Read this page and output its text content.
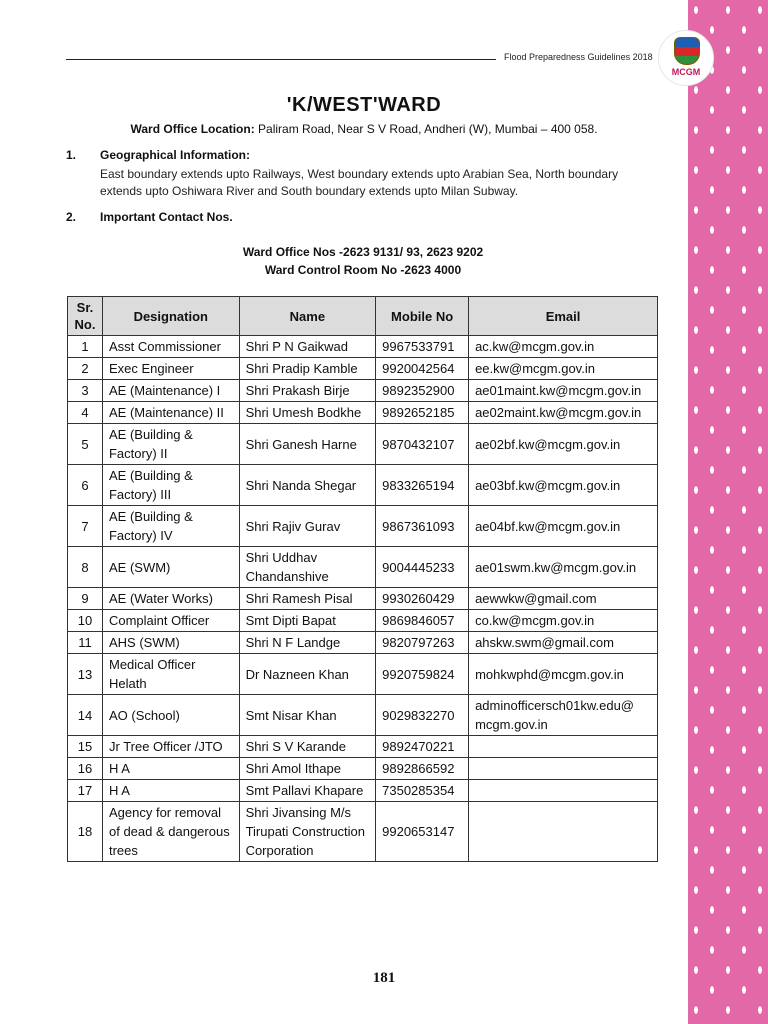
MCGM
Flood Preparedness Guidelines 2018
'K/WEST'WARD
Ward Office Location: Paliram Road, Near S V Road, Andheri (W), Mumbai – 400 058.
1. Geographical Information:
East boundary extends upto Railways, West boundary extends upto Arabian Sea, North boundary extends upto Oshiwara River and South boundary extends upto Milan Subway.
2. Important Contact Nos.
Ward Office Nos -2623 9131/ 93, 2623 9202
Ward Control Room No -2623 4000
Sr. No.	Designation	Name	Mobile No	Email
1	Asst Commissioner	Shri P N Gaikwad	9967533791	ac.kw@mcgm.gov.in
2	Exec Engineer	Shri Pradip Kamble	9920042564	ee.kw@mcgm.gov.in
3	AE (Maintenance) I	Shri Prakash Birje	9892352900	ae01maint.kw@mcgm.gov.in
4	AE (Maintenance) II	Shri Umesh Bodkhe	9892652185	ae02maint.kw@mcgm.gov.in
5	AE (Building & Factory) II	Shri Ganesh Harne	9870432107	ae02bf.kw@mcgm.gov.in
6	AE (Building & Factory) III	Shri Nanda Shegar	9833265194	ae03bf.kw@mcgm.gov.in
7	AE (Building & Factory) IV	Shri Rajiv Gurav	9867361093	ae04bf.kw@mcgm.gov.in
8	AE (SWM)	Shri Uddhav Chandanshive	9004445233	ae01swm.kw@mcgm.gov.in
9	AE (Water Works)	Shri Ramesh Pisal	9930260429	aewwkw@gmail.com
10	Complaint Officer	Smt Dipti Bapat	9869846057	co.kw@mcgm.gov.in
11	AHS (SWM)	Shri N F Landge	9820797263	ahskw.swm@gmail.com
13	Medical Officer Helath	Dr Nazneen Khan	9920759824	mohkwphd@mcgm.gov.in
14	AO (School)	Smt Nisar Khan	9029832270	adminofficersch01kw.edu@ mcgm.gov.in
15	Jr Tree Officer /JTO	Shri S V Karande	9892470221	
16	H A	Shri Amol Ithape	9892866592	
17	H A	Smt Pallavi Khapare	7350285354	
18	Agency for removal of dead & dangerous trees	Shri Jivansing M/s Tirupati Construction Corporation	9920653147	
181
